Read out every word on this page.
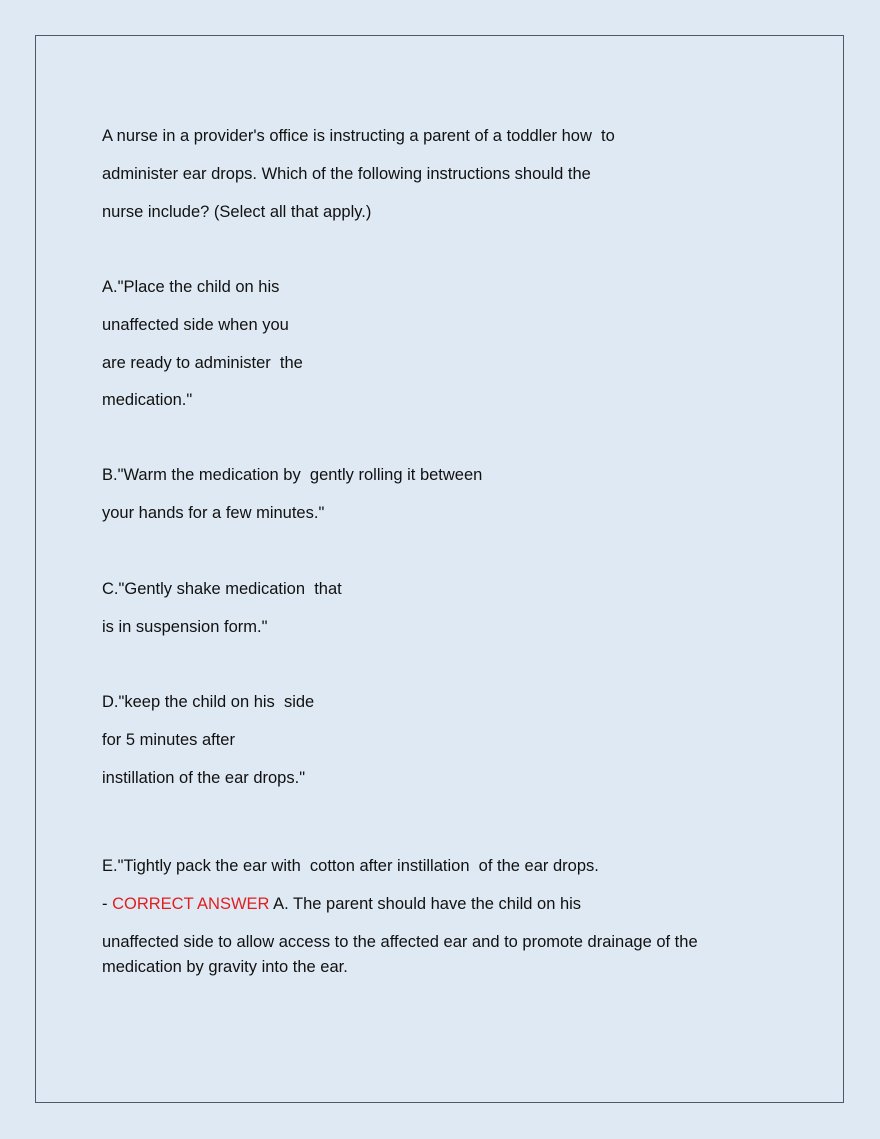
A nurse in a provider's office is instructing a parent of a toddler how  to
administer ear drops. Which of the following instructions should the
nurse include? (Select all that apply.)
A."Place the child on his
unaffected side when you
are ready to administer  the
medication."
B."Warm the medication by  gently rolling it between
your hands for a few minutes."
C."Gently shake medication  that
is in suspension form."
D."keep the child on his  side
for 5 minutes after
instillation of the ear drops."
E."Tightly pack the ear with  cotton after instillation  of the ear drops.
- CORRECT ANSWER A. The parent should have the child on his
unaffected side to allow access to the affected ear and to promote drainage of the
medication by gravity into the ear.
